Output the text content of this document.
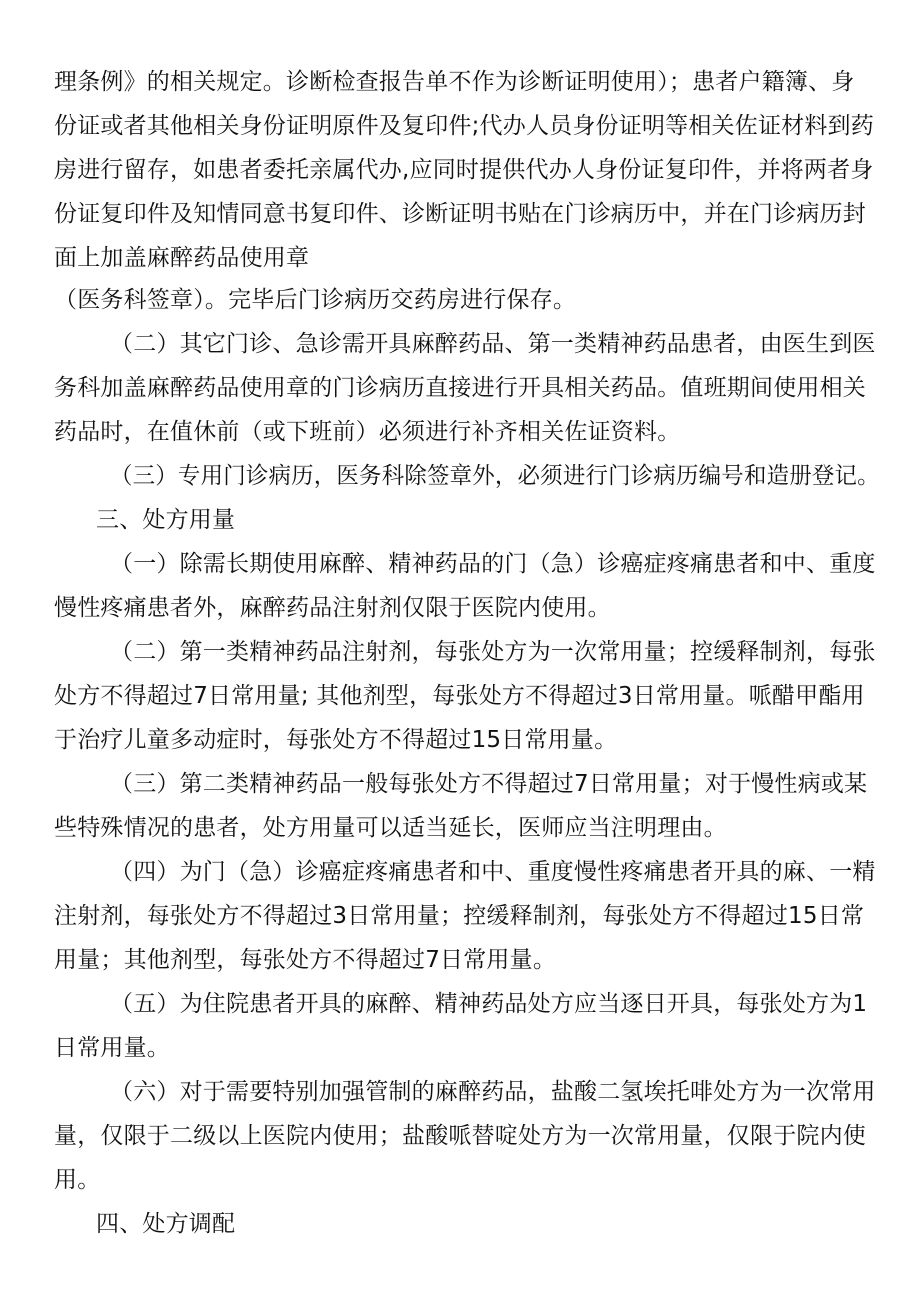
理条例》的相关规定。诊断检查报告单不作为诊断证明使用）；患者户籍簿、身
份证或者其他相关身份证明原件及复印件;代办人员身份证明等相关佐证材料到药
房进行留存，如患者委托亲属代办,应同时提供代办人身份证复印件，并将两者身
份证复印件及知情同意书复印件、诊断证明书贴在门诊病历中，并在门诊病历封
面上加盖麻醉药品使用章
（医务科签章）。完毕后门诊病历交药房进行保存。
（二）其它门诊、急诊需开具麻醉药品、第一类精神药品患者，由医生到医
务科加盖麻醉药品使用章的门诊病历直接进行开具相关药品。值班期间使用相关
药品时，在值休前（或下班前）必须进行补齐相关佐证资料。
（三）专用门诊病历，医务科除签章外，必须进行门诊病历编号和造册登记。
三、处方用量
（一）除需长期使用麻醉、精神药品的门（急）诊癌症疼痛患者和中、重度
慢性疼痛患者外，麻醉药品注射剂仅限于医院内使用。
（二）第一类精神药品注射剂，每张处方为一次常用量；控缓释制剂，每张
处方不得超过7日常用量; 其他剂型，每张处方不得超过3日常用量。哌醋甲酯用
于治疗儿童多动症时，每张处方不得超过15日常用量。
（三）第二类精神药品一般每张处方不得超过7日常用量；对于慢性病或某
些特殊情况的患者，处方用量可以适当延长，医师应当注明理由。
（四）为门（急）诊癌症疼痛患者和中、重度慢性疼痛患者开具的麻、一精
注射剂，每张处方不得超过3日常用量；控缓释制剂，每张处方不得超过15日常
用量；其他剂型，每张处方不得超过7日常用量。
（五）为住院患者开具的麻醉、精神药品处方应当逐日开具，每张处方为1
日常用量。
（六）对于需要特别加强管制的麻醉药品，盐酸二氢埃托啡处方为一次常用
量，仅限于二级以上医院内使用；盐酸哌替啶处方为一次常用量，仅限于院内使
用。
四、处方调配
